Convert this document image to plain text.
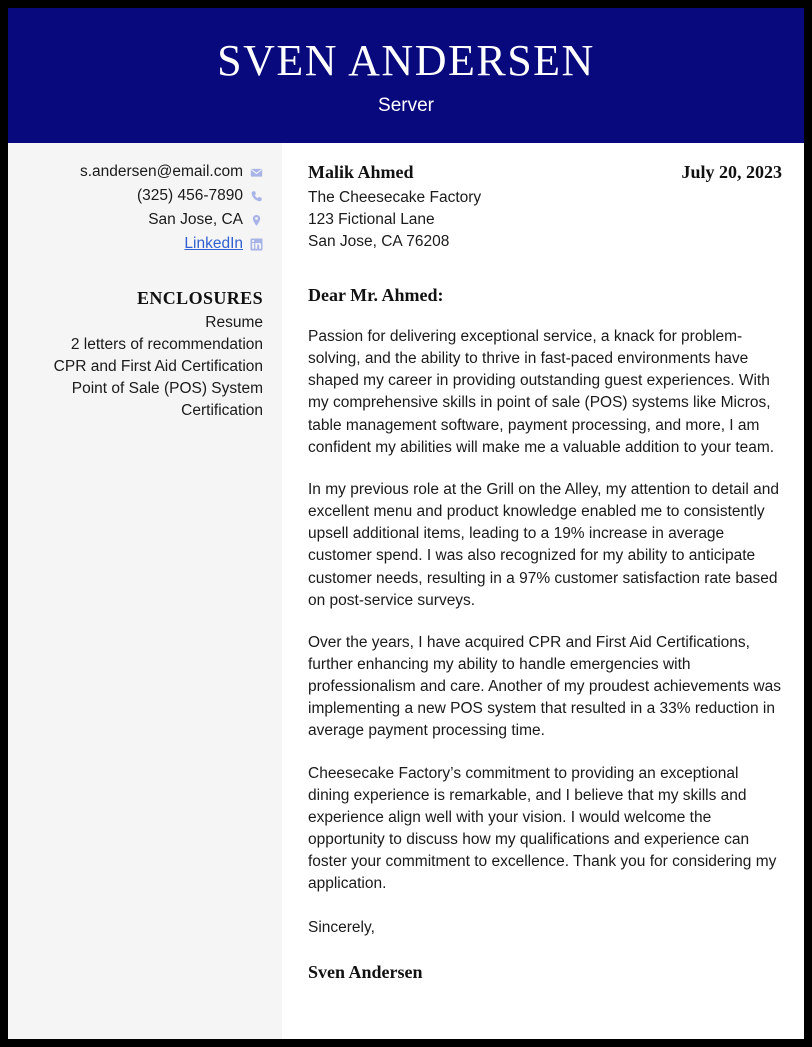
SVEN ANDERSEN
Server
s.andersen@email.com
(325) 456-7890
San Jose, CA
LinkedIn
ENCLOSURES
Resume
2 letters of recommendation
CPR and First Aid Certification
Point of Sale (POS) System Certification
Malik Ahmed
The Cheesecake Factory
123 Fictional Lane
San Jose, CA 76208
July 20, 2023
Dear Mr. Ahmed:

Passion for delivering exceptional service, a knack for problem-solving, and the ability to thrive in fast-paced environments have shaped my career in providing outstanding guest experiences. With my comprehensive skills in point of sale (POS) systems like Micros, table management software, payment processing, and more, I am confident my abilities will make me a valuable addition to your team.

In my previous role at the Grill on the Alley, my attention to detail and excellent menu and product knowledge enabled me to consistently upsell additional items, leading to a 19% increase in average customer spend. I was also recognized for my ability to anticipate customer needs, resulting in a 97% customer satisfaction rate based on post-service surveys.

Over the years, I have acquired CPR and First Aid Certifications, further enhancing my ability to handle emergencies with professionalism and care. Another of my proudest achievements was implementing a new POS system that resulted in a 33% reduction in average payment processing time.

Cheesecake Factory’s commitment to providing an exceptional dining experience is remarkable, and I believe that my skills and experience align well with your vision. I would welcome the opportunity to discuss how my qualifications and experience can foster your commitment to excellence. Thank you for considering my application.

Sincerely,
Sven Andersen
